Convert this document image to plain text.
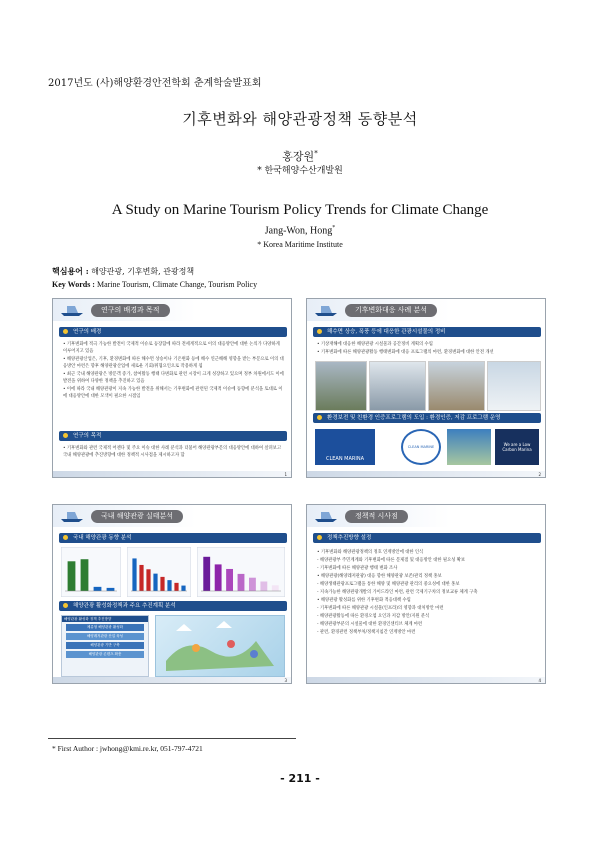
2017년도 (사)해양환경안전학회 춘계학술발표회
기후변화와 해양관광정책 동향분석
홍장원*
* 한국해양수산개발원
A Study on Marine Tourism Policy Trends for Climate Change
Jang-Won, Hong*
* Korea Maritime Institute
핵심용어 : 해양관광, 기후변화, 관광정책
Key Words : Marine Tourism, Climate Change, Tourism Policy
연구의 배경과 목적
연구의 배경
• 기후변화에 적극 가능한 발전이 국제적 이슈로 등장함에 따라 전세계적으로 이의 대응방안에 대한 논의가 다양하게 이루어지고 있음
• 해양관광산업은, 기후, 환경변화에 따른 해수면 상승이나 기온변화 등에 해수 연근해해 영향을 받는 부문으로 이의 대응방안 마련은 향후 해양관광산업에 새로운 기회/위협요인으로 작용하게 됨
• 최근 국내 해양관광은 방문객 증가, 참여활동 행태 다변화로 관련 시장이 크게 성장하고 있으며 정부 차원에서도 이에 발전을 위하여 다양한 정책을 추진하고 있음
• 이에 따라 국내 해양관광이 지속 가능한 발전을 위해서는 기후변화에 관련된 국제적 이슈에 동향에 분석을 토대로 이에 대응방안에 대한 모색이 필요한 시점임
연구의 목적
• 기후변화와 관련 국제적 어젠다 및 주요 이슈 대한 사례 분석과 더불어 해양관광부문의 대응방안에 대하여 살펴보고 국내 해양관광에 추진방향에 대한 정책적 시사점을 제시하고자 함
1
기후변화대응 사례 분석
해수면 상승, 폭풍 등에 대응한 관광시설물의 정비
• 기상재해에 대응한 해양관광 시설물과 공간정비 계획의 수립
• 기후변화에 따른 해양관광활동 행태변화에 대응 프로그램의 마련, 환경변화에 대한 안전 개선
환경보전 및 친환경 인증프로그램의 도입 : 환경인증, 저감 프로그램 운영
CLEAN MARINA
CLEAN MARINE	We are a Low Carbon Marina
2
국내 해양관광 실태분석
국내 해양관광 동향 분석
해양관광 활성화정책과 주요 추진계획 분석
해양관광 활성화 정책 추진방향
체류형 해양관광 활성화
해양레저관광 산업 육성
해양관광 기반 구축
해양관광 콘텐츠 확충
3
정책적 시사점
정책추진방향 설정
• 기후변화와 해양관광정책의 정호 연계방안에 대한 인식
- 해양관광부 주민계계와 기후변화에 따른 문제점 및 대응방안 대한 필요성 확보
- 기후변화에 따른 해양관광 행태 변화 조사
• 해양관광(해양레저관광) 대응 향한 해양관광 보존/관리 정책 홍보
- 해양생태관광프로그램을 통한 해양 및 해양관광 관리의 중요성에 대한 홍보
- 지속가능한 해양관광개발의 가이드라인 마련, 관련 국제기구차의 정보교류 체계 구축
• 해양관광 활성화를 위한 기후변화 적응대책 수립
- 기후변화에 따른 해양관광 시설물(인프라)의 영향과 대처방안 마련
- 해양관광활동에 따른 환경오염 요인과 저감 방안/지원 분석
- 해양관광부분의 시설물에 대한 환경인센티브 체계 마련
- 관련, 환경관련 정책부처/정책지침간 연계방안 마련
4
* First Author : jwhong@kmi.re.kr, 051-797-4721
- 211 -
